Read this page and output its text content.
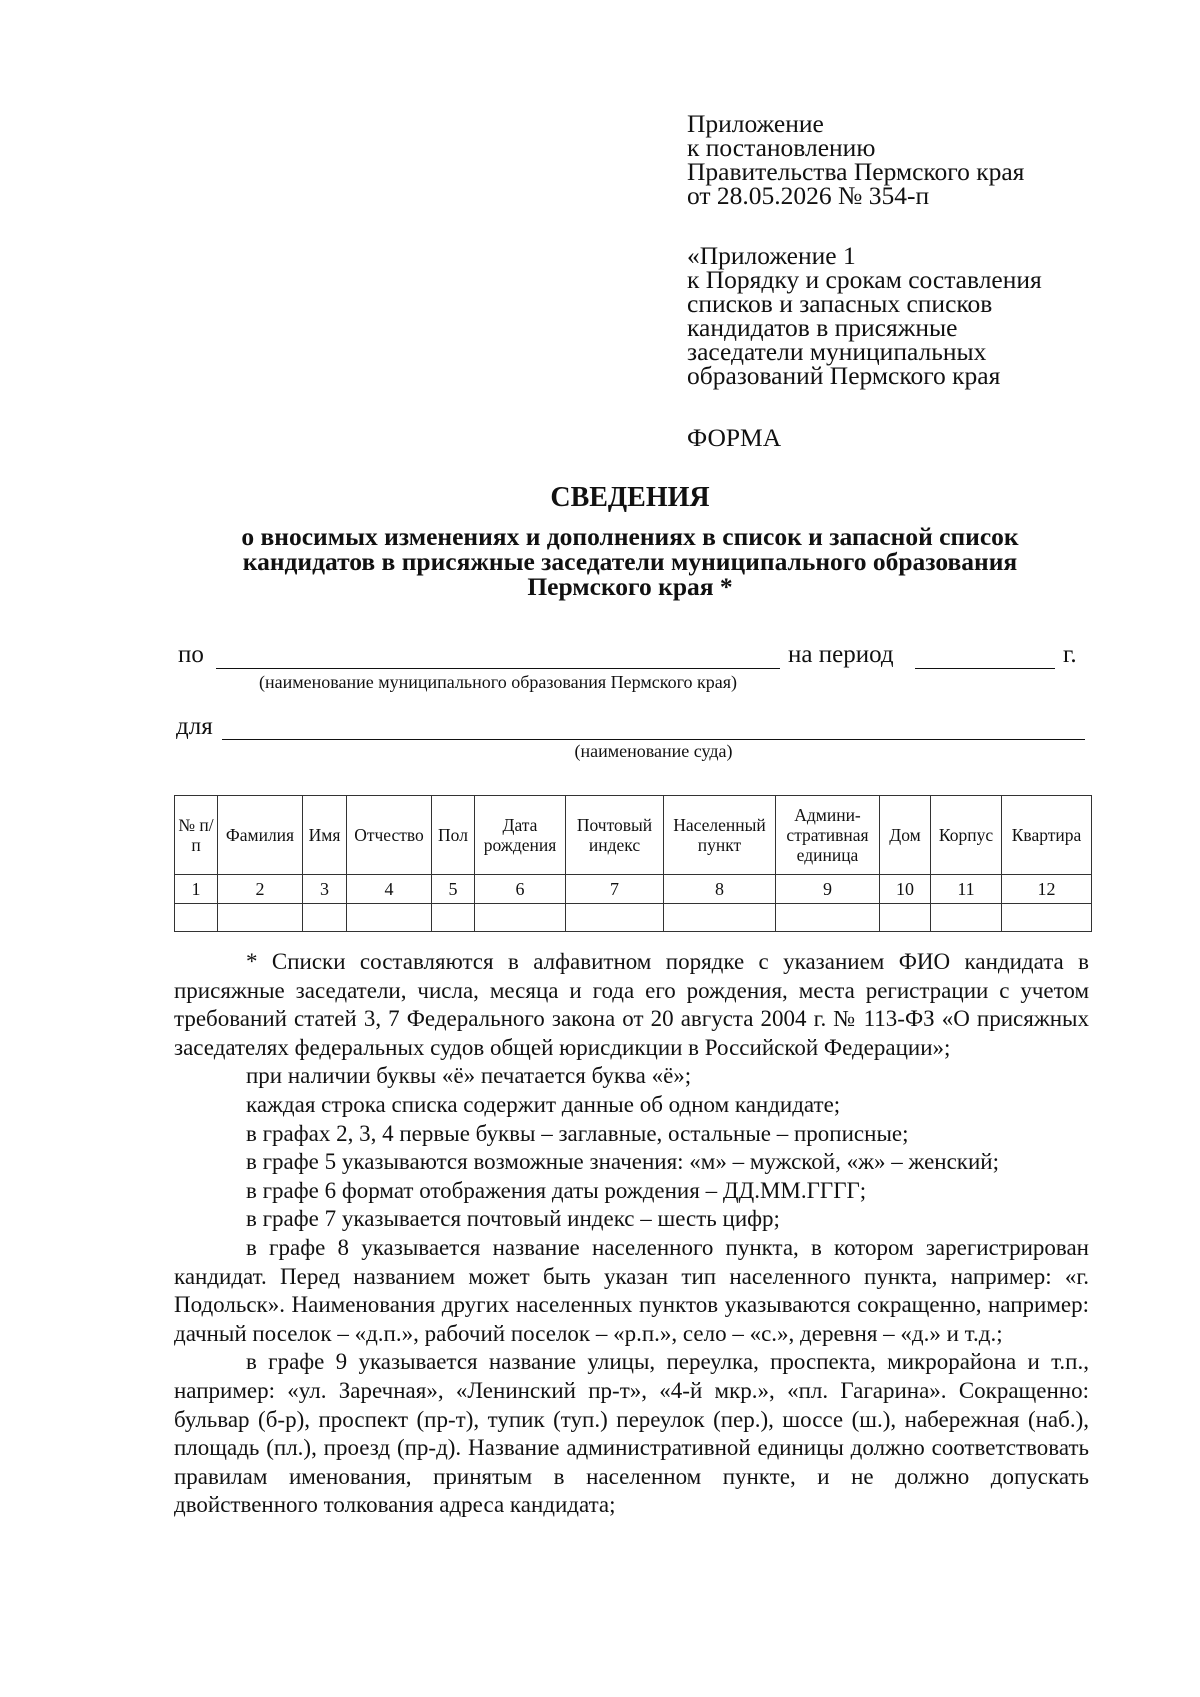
Приложение
к постановлению
Правительства Пермского края
от 28.05.2026 № 354-п
«Приложение 1
к Порядку и срокам составления
списков и запасных списков
кандидатов в присяжные
заседатели муниципальных
образований Пермского края
ФОРМА
СВЕДЕНИЯ
о вносимых изменениях и дополнениях в список и запасной список
кандидатов в присяжные заседатели муниципального образования
Пермского края *
по	на период	г.
(наименование муниципального образования Пермского края)
для
(наименование суда)
№ п/п	Фамилия	Имя	Отчество	Пол	Дата рождения	Почтовый индекс	Населенный пункт	Админи-стративная единица	Дом	Корпус	Квартира
1	2	3	4	5	6	7	8	9	10	11	12

* Списки составляются в алфавитном порядке с указанием ФИО кандидата в присяжные заседатели, числа, месяца и года его рождения, места регистрации с учетом требований статей 3, 7 Федерального закона от 20 августа 2004 г. № 113-ФЗ «О присяжных заседателях федеральных судов общей юрисдикции в Российской Федерации»;

при наличии буквы «ё» печатается буква «ё»;

каждая строка списка содержит данные об одном кандидате;

в графах 2, 3, 4 первые буквы – заглавные, остальные – прописные;

в графе 5 указываются возможные значения: «м» – мужской, «ж» – женский;

в графе 6 формат отображения даты рождения – ДД.ММ.ГГГГ;

в графе 7 указывается почтовый индекс – шесть цифр;

в графе 8 указывается название населенного пункта, в котором зарегистрирован кандидат. Перед названием может быть указан тип населенного пункта, например: «г. Подольск». Наименования других населенных пунктов указываются сокращенно, например: дачный поселок – «д.п.», рабочий поселок – «р.п.», село – «с.», деревня – «д.» и т.д.;

в графе 9 указывается название улицы, переулка, проспекта, микрорайона и т.п., например: «ул. Заречная», «Ленинский пр-т», «4-й мкр.», «пл. Гагарина». Сокращенно: бульвар (б-р), проспект (пр-т), тупик (туп.) переулок (пер.), шоссе (ш.), набережная (наб.), площадь (пл.), проезд (пр-д). Название административной единицы должно соответствовать правилам именования, принятым в населенном пункте, и не должно допускать двойственного толкования адреса кандидата;
